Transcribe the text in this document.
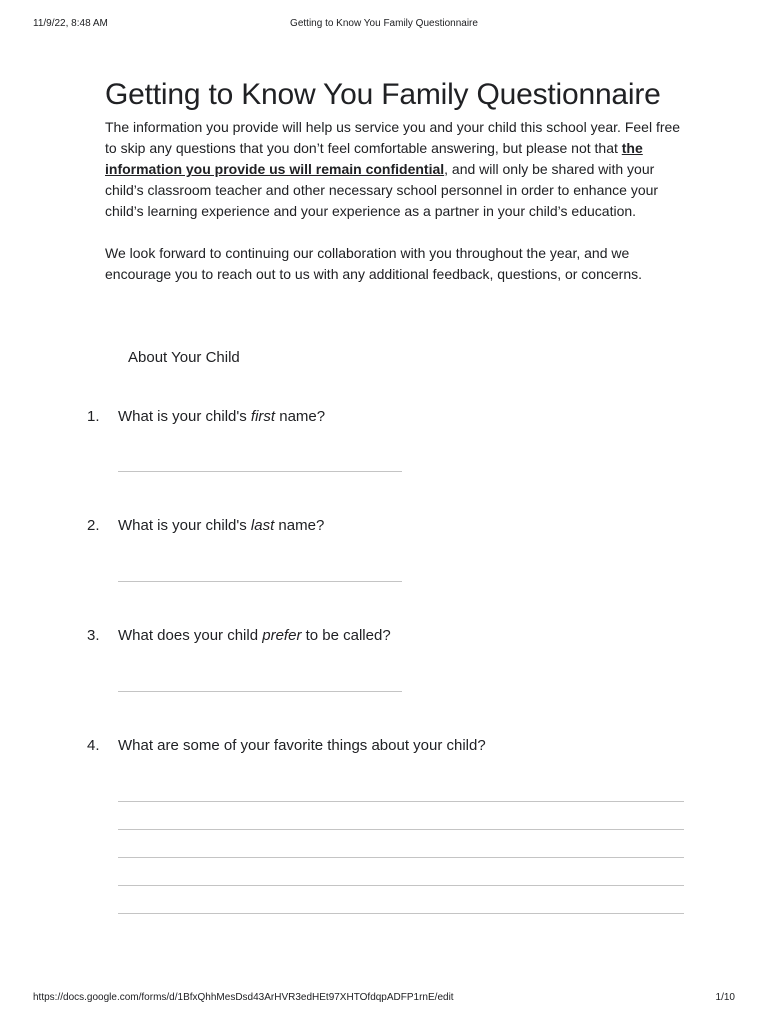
11/9/22, 8:48 AM	Getting to Know You Family Questionnaire
Getting to Know You Family Questionnaire

The information you provide will help us service you and your child this school year. Feel free to skip any questions that you don’t feel comfortable answering, but please not that the information you provide us will remain confidential, and will only be shared with your child’s classroom teacher and other necessary school personnel in order to enhance your child’s learning experience and your experience as a partner in your child’s education.

We look forward to continuing our collaboration with you throughout the year, and we encourage you to reach out to us with any additional feedback, questions, or concerns.

About Your Child
1. What is your child's first name?
2. What is your child's last name?
3. What does your child prefer to be called?
4. What are some of your favorite things about your child?
https://docs.google.com/forms/d/1BfxQhhMesDsd43ArHVR3edHEt97XHTOfdqpADFP1rnE/edit	1/10
